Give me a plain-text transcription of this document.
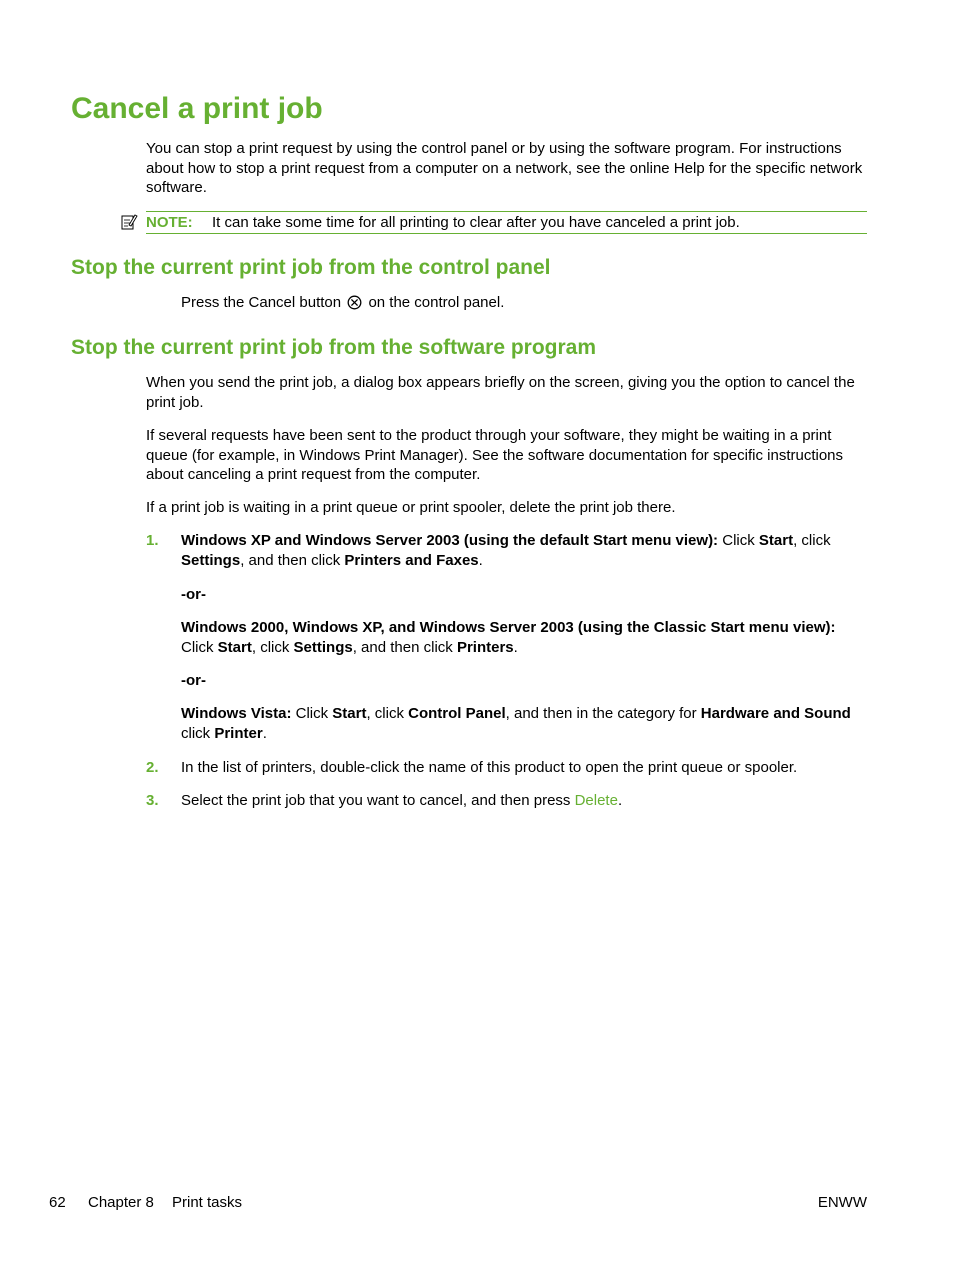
Cancel a print job

You can stop a print request by using the control panel or by using the software program. For instructions about how to stop a print request from a computer on a network, see the online Help for the specific network software.

NOTE: It can take some time for all printing to clear after you have canceled a print job.
Stop the current print job from the control panel

Press the Cancel button on the control panel.

Stop the current print job from the software program

When you send the print job, a dialog box appears briefly on the screen, giving you the option to cancel the print job.

If several requests have been sent to the product through your software, they might be waiting in a print queue (for example, in Windows Print Manager). See the software documentation for specific instructions about canceling a print request from the computer.

If a print job is waiting in a print queue or print spooler, delete the print job there.

1. Windows XP and Windows Server 2003 (using the default Start menu view): Click Start, click Settings, and then click Printers and Faxes.

-or-

Windows 2000, Windows XP, and Windows Server 2003 (using the Classic Start menu view): Click Start, click Settings, and then click Printers.

-or-

Windows Vista: Click Start, click Control Panel, and then in the category for Hardware and Sound click Printer.

2. In the list of printers, double-click the name of this product to open the print queue or spooler.

3. Select the print job that you want to cancel, and then press Delete.

62 Chapter 8 Print tasks	ENWW
